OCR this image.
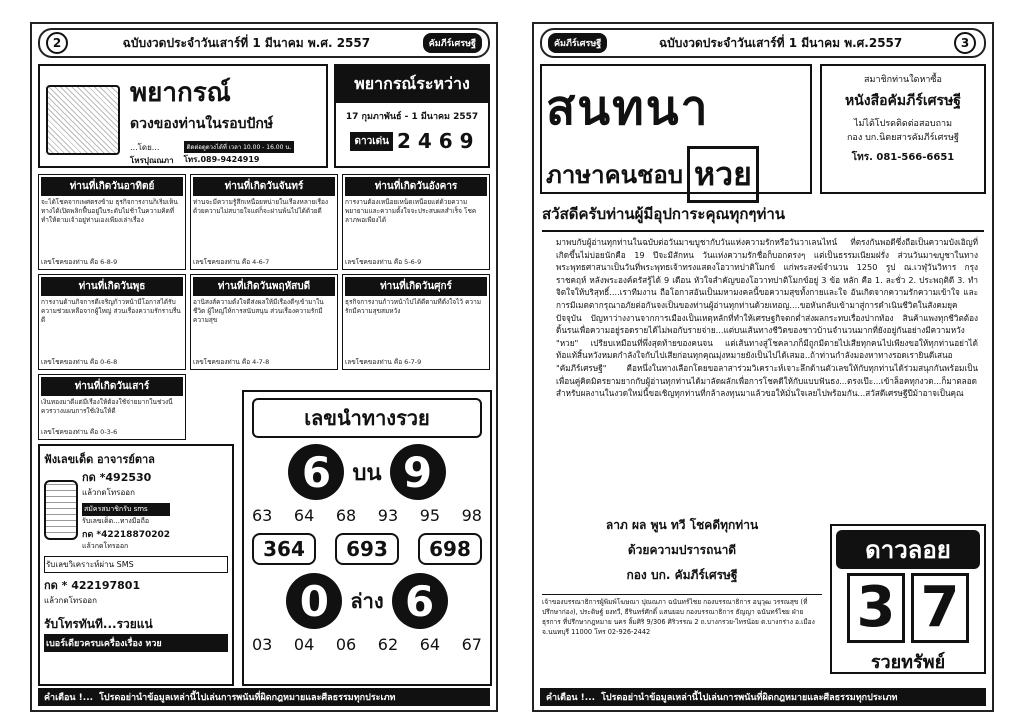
2	ฉบับงวดประจำวันเสาร์ที่ 1 มีนาคม พ.ศ. 2557	คัมภีร์เศรษฐี
พยากรณ์
ดวงของท่านในรอบปักษ์
...โดย...
โหรปุณณภา
ติดต่อดูดวงได้ที่ เวลา 10.00 - 16.00 น.
โทร.089-9424919
พยากรณ์ระหว่าง
17 กุมภาพันธ์ - 1 มีนาคม 2557
ดาวเด่น 2 4 6 9
ท่านที่เกิดวันอาทิตย์
จะได้โชคจากเพศตรงข้าม ธุรกิจการงานก็เริ่มเห็นทางได้เปิดพลิกฟื้นอยู่ในระดับไม่ช้าในความคิดที่ทำให้ตามเจ้าอยู่ท่านเองเพียงเล่าเรื่อง
เลขโชคของท่าน คือ 6-8-9
ท่านที่เกิดวันจันทร์
ท่านจะมีความรู้สึกเหนื่อยหน่ายในเรื่องหลายเรื่องด้วยความไม่สบายใจแต่ก็จะผ่านพ้นไปได้ด้วยดี
เลขโชคของท่าน คือ 4-6-7
ท่านที่เกิดวันอังคาร
การงานต้องเหนื่อยเหน็ดเหนื่อยแต่ด้วยความพยายามและความตั้งใจจะประสบผลสำเร็จ โชคลาภพอเพียงได้
เลขโชคของท่าน คือ 5-6-9
ท่านที่เกิดวันพุธ
การงานด้านกิจการดีเจริญก้าวหน้ามีโอกาสได้รับความช่วยเหลือจากผู้ใหญ่ ส่วนเรื่องความรักราบรื่นดี
เลขโชคของท่าน คือ 0-6-8
ท่านที่เกิดวันพฤหัสบดี
อานิสงส์ความตั้งใจดีส่งผลให้มีเรื่องดีๆเข้ามาในชีวิต ผู้ใหญ่ให้การสนับสนุน ส่วนเรื่องความรักมีความสุข
เลขโชคของท่าน คือ 4-7-8
ท่านที่เกิดวันศุกร์
ธุรกิจการงานก้าวหน้าไปได้ดีตามที่ตั้งใจไว้ ความรักมีความสุขสมหวัง
เลขโชคของท่าน คือ 6-7-9
ท่านที่เกิดวันเสาร์
เงินทองมาดีแต่มีเรื่องให้ต้องใช้จ่ายมากในช่วงนี้ควรวางแผนการใช้เงินให้ดี
เลขโชคของท่าน คือ 0-3-6
ฟังเลขเด็ด อาจารย์ตาล
กด *492530
แล้วกดโทรออก
สมัครสมาชิกรับ sms
รับเลขเด็ด...ทางมือถือ
กด *42218870202
แล้วกดโทรออก
รับเลขวิเคราะห์ผ่าน SMS
กด * 422197801
แล้วกดโทรออก
รับโทรทันที...รวยแน่
เบอร์เดียวครบเครื่องเรื่อง หวย
เลขนำทางรวย
6 บน 9
63 64 68 93 95 98
364	693	698
0	ล่าง 6
03 04 06 62 64 67
คำเตือน !... โปรดอย่านำข้อมูลเหล่านี้ไปเล่นการพนันที่ผิดกฎหมายและศีลธรรมทุกประเภท
คัมภีร์เศรษฐี	ฉบับงวดประจำวันเสาร์ที่ 1 มีนาคม พ.ศ.2557	3
สนทนา
ภาษาคนชอบ หวย
สมาชิกท่านใดหาซื้อ
หนังสือคัมภีร์เศรษฐี
ไม่ได้โปรดติดต่อสอบถาม
กอง บก.นิตยสารคัมภีร์เศรษฐี
โทร. 081-566-6651
สวัสดีครับท่านผู้มีอุปการะคุณทุกๆท่าน
มาพบกับผู้อ่านทุกท่านในฉบับต่อวันมาฆบูชากับวันแห่งความรักหรือวันวาเลนไทน์ ที่ตรงกันพอดีซึ่งถือเป็นความบังเอิญที่เกิดขึ้นไม่บ่อยนักคือ 19 ปีจะมีสักหน วันแห่งความรักชื่อก็บอกตรงๆ แต่เป็นธรรมเนียมฝรั่ง ส่วนวันมาฆบูชาในทางพระพุทธศาสนาเป็นวันที่พระพุทธเจ้าทรงแสดงโอวาทปาติโมกข์ แก่พระสงฆ์จำนวน 1250 รูป ณ.เวฬุวันวิหาร กรุงราชคฤห์ หลังพระองค์ตรัสรู้ได้ 9 เดือน หัวใจสำคัญของโอวาทปาติโมกข์อยู่ 3 ข้อ หลัก คือ 1. ละชั่ว 2. ประพฤติดี 3. ทำจิตใจให้บริสุทธิ์....เราทีมงาน ถือโอกาสอันเป็นมหามงคลนี้ขอความสุขทั้งกายและใจ อันเกิดจากความรักความเข้าใจ และการมีเมตตากรุณาอภัยต่อกันจงเป็นของท่านผู้อ่านทุกท่านด้วยเทอญ....ขอหันกลับเข้ามาสู่การดำเนินชีวิตในสังคมยุคปัจจุบัน ปัญหาว่างงานจากการเมืองเป็นเหตุหลักที่ทำให้เศรษฐกิจตกต่ำส่งผลกระทบเรื่องปากท้อง สินค้าแพงทุกชีวิตต้องดิ้นรนเพื่อความอยู่รอดรายได้ไม่พอกับรายจ่าย...แต่บนเส้นทางชีวิตของชาวบ้านจำนวนมากที่ยังอยู่กันอย่างมีความหวัง "หวย" เปรียบเหมือนที่พึ่งสุดท้ายของคนจน แต่เส้นทางสู่โชคลาภก็มีถูกมีตายไปเสียทุกคนไปเพียงขอให้ทุกท่านอย่าได้ท้อแท้สิ้นหวังหมดกำลังใจกับไปเสียก่อนทุกคุณมุ่งหมายยังเป็นไปได้เสมอ..ถ้าท่านกำลังมองหาทางรอดเรายินดีเสนอ "คัมภีร์เศรษฐี" คือหนึ่งในทางเลือกโดยขอลาสาร่วมวิเคราะห์เจาะลึกด้านตัวเลขให้กับทุกท่านได้ร่วมสนุกกันพร้อมเป็นเพื่อนคู่คิดมิตรยามยากกับผู้อ่านทุกท่านได้มาลัดผลักเพื่อการโชคดีให้กับแบบฟันธง...ตรงเป๊ะ...เข้าล็อคทุกงวด...ก็มาตลอดสำหรับผลงานในงวดใหม่นี้ขอเชิญทุกท่านที่กล้าลงทุนมาแล้วขอให้มั่นใจเลยไปพร้อมกัน...สวัสดีเศรษฐีปีม้าอาจเป็นคุณ
ลาภ ผล พูน ทวี โชคดีทุกท่าน
ด้วยความปรารถนาดี
กอง บก. คัมภีร์เศรษฐี
เจ้าของบรรณาธิการผู้พิมพ์โฆษณา ปุณณภา ฉนันทร์ไชย กองบรรณาธิการ อนุวุฒ วรรณสุข (ที่ปรึกษาก่อง), ประดิษฐ์ ยงทวี, ธีรินทร์ศักดิ์ แสนยอบ กองบรรณาธิการ ธัญญา ฉนันทร์ไชย ฝ่ายธุรการ ที่ปรึกษากฎหมาย นคร ลิ้มศิริ 9/306 ศิริวรรณ 2 ถ.บางกรวย-ไทรน้อย ต.บางกร่าง อ.เมือง จ.นนทบุรี 11000 โทร 02-926-2442
ดาวลอย
3 7
รวยทรัพย์
คำเตือน !... โปรดอย่านำข้อมูลเหล่านี้ไปเล่นการพนันที่ผิดกฎหมายและศีลธรรมทุกประเภท
